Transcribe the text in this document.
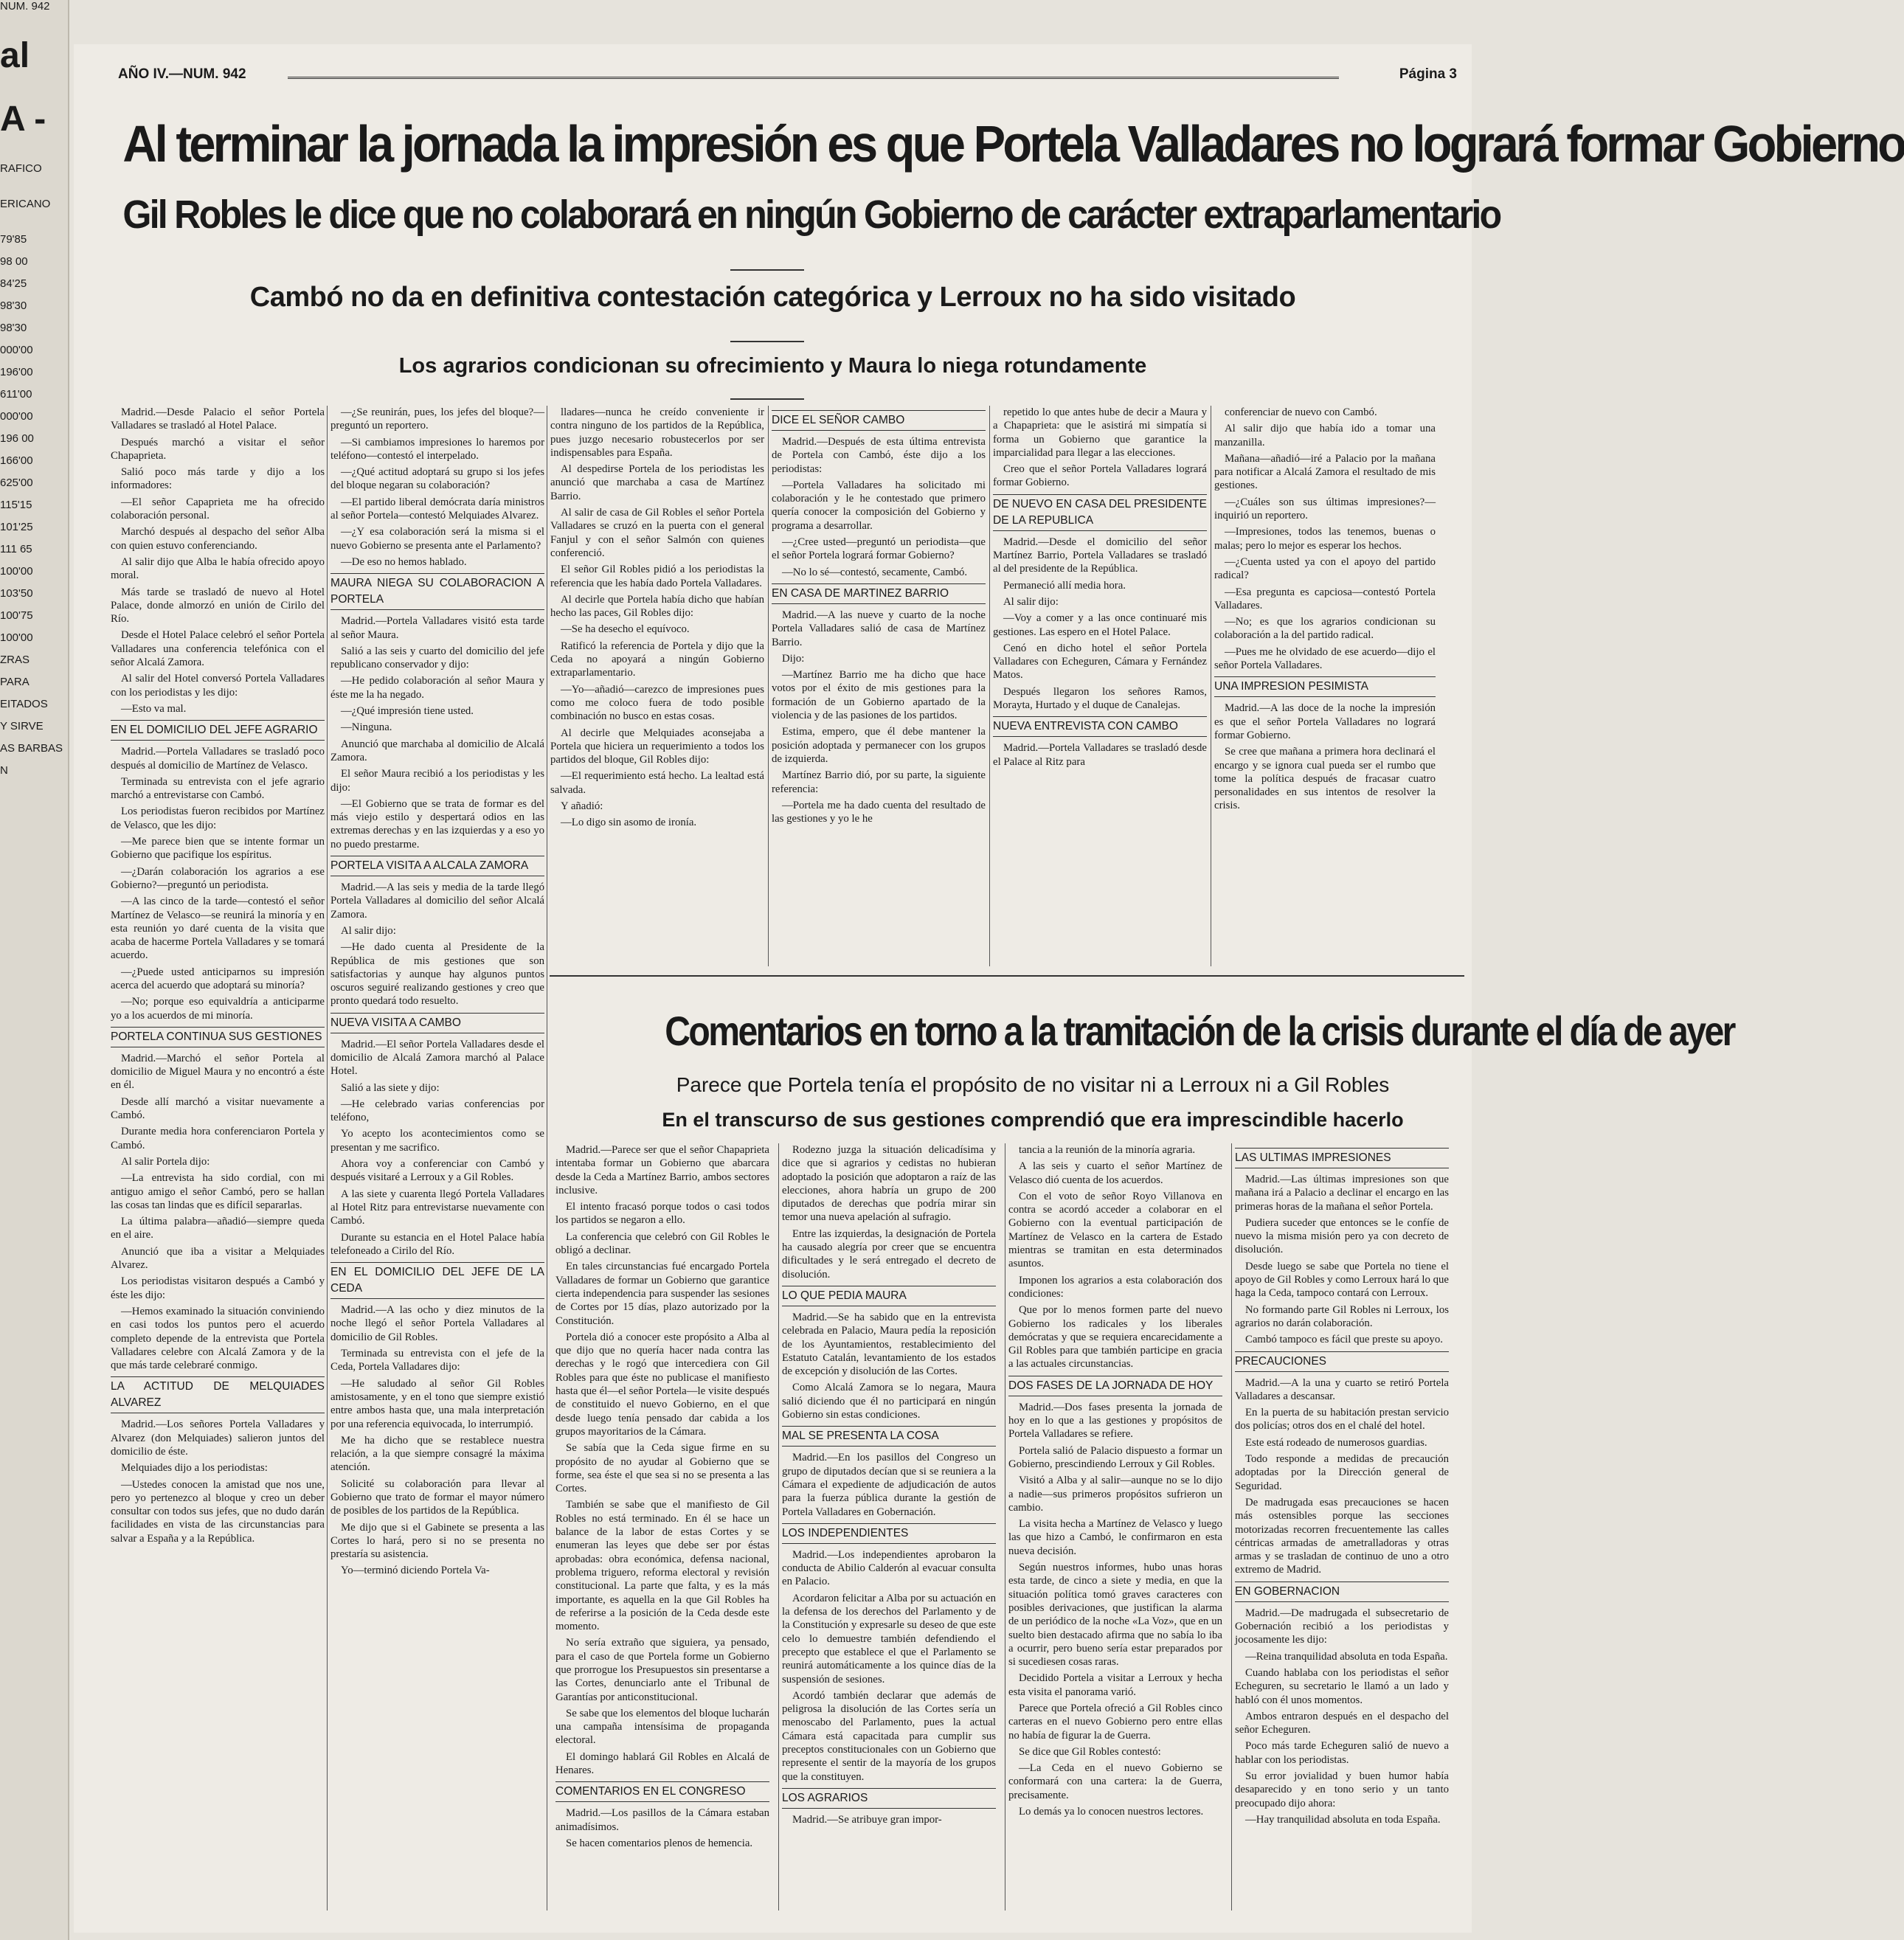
NUM. 942
al
A -
RAFICO
ERICANO
79'85
98 00
84'25
98'30
98'30
000'00
196'00
611'00
000'00
196 00
166'00
625'00
115'15
101'25
111 65
100'00
103'50
100'75
100'00
ZRAS
PARA
EITADOS
Y SIRVE
AS BARBAS
N
AÑO IV.—NUM. 942	Página 3
Al terminar la jornada la impresión es que Portela Valladares no logrará formar Gobierno
Gil Robles le dice que no colaborará en ningún Gobierno de carácter extraparlamentario
Cambó no da en definitiva contestación categórica y Lerroux no ha sido visitado
Los agrarios condicionan su ofrecimiento y Maura lo niega rotundamente

lladares—nunca he creído conveniente ir contra ninguno de los partidos de la República, pues juzgo necesario robustecerlos por ser indispensables para España.

Al despedirse Portela de los periodistas les anunció que marchaba a casa de Martínez Barrio.

Al salir de casa de Gil Robles el señor Portela Valladares se cruzó en la puerta con el general Fanjul y con el señor Salmón con quienes conferenció.

El señor Gil Robles pidió a los periodistas la referencia que les había dado Portela Valladares.

Al decirle que Portela había dicho que habían hecho las paces, Gil Robles dijo:

—Se ha desecho el equívoco.

Ratificó la referencia de Portela y dijo que la Ceda no apoyará a ningún Gobierno extraparlamentario.

—Yo—añadió—carezco de impresiones pues como me coloco fuera de todo posible combinación no busco en estas cosas.

Al decirle que Melquiades aconsejaba a Portela que hiciera un requerimiento a todos los partidos del bloque, Gil Robles dijo:

—El requerimiento está hecho. La lealtad está salvada.

Y añadió:

—Lo digo sin asomo de ironía.

DICE EL SEÑOR CAMBO

Madrid.—Después de esta última entrevista de Portela con Cambó, éste dijo a los periodistas:

—Portela Valladares ha solicitado mi colaboración y le he contestado que primero quería conocer la composición del Gobierno y programa a desarrollar.

—¿Cree usted—preguntó un periodista—que el señor Portela logrará formar Gobierno?

—No lo sé—contestó, secamente, Cambó.

EN CASA DE MARTINEZ BARRIO

Madrid.—A las nueve y cuarto de la noche Portela Valladares salió de casa de Martínez Barrio.

Dijo:

—Martínez Barrio me ha dicho que hace votos por el éxito de mis gestiones para la formación de un Gobierno apartado de la violencia y de las pasiones de los partidos.

Estima, empero, que él debe mantener la posición adoptada y permanecer con los grupos de izquierda.

Martínez Barrio dió, por su parte, la siguiente referencia:

—Portela me ha dado cuenta del resultado de las gestiones y yo le he

repetido lo que antes hube de decir a Maura y a Chapaprieta: que le asistirá mi simpatía si forma un Gobierno que garantice la imparcialidad para llegar a las elecciones.

Creo que el señor Portela Valladares logrará formar Gobierno.

DE NUEVO EN CASA DEL PRESIDENTE DE LA REPUBLICA

Madrid.—Desde el domicilio del señor Martínez Barrio, Portela Valladares se trasladó al del presidente de la República.

Permaneció allí media hora.

Al salir dijo:

—Voy a comer y a las once continuaré mis gestiones. Las espero en el Hotel Palace.

Cenó en dicho hotel el señor Portela Valladares con Echeguren, Cámara y Fernández Matos.

Después llegaron los señores Ramos, Morayta, Hurtado y el duque de Canalejas.

NUEVA ENTREVISTA CON CAMBO

Madrid.—Portela Valladares se trasladó desde el Palace al Ritz para

conferenciar de nuevo con Cambó.

Al salir dijo que había ido a tomar una manzanilla.

Mañana—añadió—iré a Palacio por la mañana para notificar a Alcalá Zamora el resultado de mis gestiones.

—¿Cuáles son sus últimas impresiones?—inquirió un reportero.

—Impresiones, todos las tenemos, buenas o malas; pero lo mejor es esperar los hechos.

—¿Cuenta usted ya con el apoyo del partido radical?

—Esa pregunta es capciosa—contestó Portela Valladares.

—No; es que los agrarios condicionan su colaboración a la del partido radical.

—Pues me he olvidado de ese acuerdo—dijo el señor Portela Valladares.

UNA IMPRESION PESIMISTA

Madrid.—A las doce de la noche la impresión es que el señor Portela Valladares no logrará formar Gobierno.

Se cree que mañana a primera hora declinará el encargo y se ignora cual pueda ser el rumbo que tome la política después de fracasar cuatro personalidades en sus intentos de resolver la crisis.

Madrid.—Desde Palacio el señor Portela Valladares se trasladó al Hotel Palace.

Después marchó a visitar el señor Chapaprieta.

Salió poco más tarde y dijo a los informadores:

—El señor Capaprieta me ha ofrecido colaboración personal.

Marchó después al despacho del señor Alba con quien estuvo conferenciando.

Al salir dijo que Alba le había ofrecido apoyo moral.

Más tarde se trasladó de nuevo al Hotel Palace, donde almorzó en unión de Cirilo del Río.

Desde el Hotel Palace celebró el señor Portela Valladares una conferencia telefónica con el señor Alcalá Zamora.

Al salir del Hotel conversó Portela Valladares con los periodistas y les dijo:

—Esto va mal.

EN EL DOMICILIO DEL JEFE AGRARIO

Madrid.—Portela Valladares se trasladó poco después al domicilio de Martínez de Velasco.

Terminada su entrevista con el jefe agrario marchó a entrevistarse con Cambó.

Los periodistas fueron recibidos por Martínez de Velasco, que les dijo:

—Me parece bien que se intente formar un Gobierno que pacifique los espíritus.

—¿Darán colaboración los agrarios a ese Gobierno?—preguntó un periodista.

—A las cinco de la tarde—contestó el señor Martínez de Velasco—se reunirá la minoría y en esta reunión yo daré cuenta de la visita que acaba de hacerme Portela Valladares y se tomará acuerdo.

—¿Puede usted anticiparnos su impresión acerca del acuerdo que adoptará su minoría?

—No; porque eso equivaldría a anticiparme yo a los acuerdos de mi minoría.

PORTELA CONTINUA SUS GESTIONES

Madrid.—Marchó el señor Portela al domicilio de Miguel Maura y no encontró a éste en él.

Desde allí marchó a visitar nuevamente a Cambó.

Durante media hora conferenciaron Portela y Cambó.

Al salir Portela dijo:

—La entrevista ha sido cordial, con mi antiguo amigo el señor Cambó, pero se hallan las cosas tan lindas que es difícil separarlas.

La última palabra—añadió—siempre queda en el aire.

Anunció que iba a visitar a Melquiades Alvarez.

Los periodistas visitaron después a Cambó y éste les dijo:

—Hemos examinado la situación conviniendo en casi todos los puntos pero el acuerdo completo depende de la entrevista que Portela Valladares celebre con Alcalá Zamora y de la que más tarde celebraré conmigo.

LA ACTITUD DE MELQUIADES ALVAREZ

Madrid.—Los señores Portela Valladares y Alvarez (don Melquiades) salieron juntos del domicilio de éste.

Melquiades dijo a los periodistas:

—Ustedes conocen la amistad que nos une, pero yo pertenezco al bloque y creo un deber consultar con todos sus jefes, que no dudo darán facilidades en vista de las circunstancias para salvar a España y a la República.

—¿Se reunirán, pues, los jefes del bloque?—preguntó un reportero.

—Si cambiamos impresiones lo haremos por teléfono—contestó el interpelado.

—¿Qué actitud adoptará su grupo si los jefes del bloque negaran su colaboración?

—El partido liberal demócrata daría ministros al señor Portela—contestó Melquiades Alvarez.

—¿Y esa colaboración será la misma si el nuevo Gobierno se presenta ante el Parlamento?

—De eso no hemos hablado.

MAURA NIEGA SU COLABORACION A PORTELA

Madrid.—Portela Valladares visitó esta tarde al señor Maura.

Salió a las seis y cuarto del domicilio del jefe republicano conservador y dijo:

—He pedido colaboración al señor Maura y éste me la ha negado.

—¿Qué impresión tiene usted.

—Ninguna.

Anunció que marchaba al domicilio de Alcalá Zamora.

El señor Maura recibió a los periodistas y les dijo:

—El Gobierno que se trata de formar es del más viejo estilo y despertará odios en las extremas derechas y en las izquierdas y a eso yo no puedo prestarme.

PORTELA VISITA A ALCALA ZAMORA

Madrid.—A las seis y media de la tarde llegó Portela Valladares al domicilio del señor Alcalá Zamora.

Al salir dijo:

—He dado cuenta al Presidente de la República de mis gestiones que son satisfactorias y aunque hay algunos puntos oscuros seguiré realizando gestiones y creo que pronto quedará todo resuelto.

NUEVA VISITA A CAMBO

Madrid.—El señor Portela Valladares desde el domicilio de Alcalá Zamora marchó al Palace Hotel.

Salió a las siete y dijo:

—He celebrado varias conferencias por teléfono,

Yo acepto los acontecimientos como se presentan y me sacrifico.

Ahora voy a conferenciar con Cambó y después visitaré a Lerroux y a Gil Robles.

A las siete y cuarenta llegó Portela Valladares al Hotel Ritz para entrevistarse nuevamente con Cambó.

Durante su estancia en el Hotel Palace había telefoneado a Cirilo del Río.

EN EL DOMICILIO DEL JEFE DE LA CEDA

Madrid.—A las ocho y diez minutos de la noche llegó el señor Portela Valladares al domicilio de Gil Robles.

Terminada su entrevista con el jefe de la Ceda, Portela Valladares dijo:

—He saludado al señor Gil Robles amistosamente, y en el tono que siempre existió entre ambos hasta que, una mala interpretación por una referencia equivocada, lo interrumpió.

Me ha dicho que se restablece nuestra relación, a la que siempre consagré la máxima atención.

Solicité su colaboración para llevar al Gobierno que trato de formar el mayor número de posibles de los partidos de la República.

Me dijo que si el Gabinete se presenta a las Cortes lo hará, pero si no se presenta no prestaría su asistencia.

Yo—terminó diciendo Portela Va-

Comentarios en torno a la tramitación de la crisis durante el día de ayer
Parece que Portela tenía el propósito de no visitar ni a Lerroux ni a Gil Robles
En el transcurso de sus gestiones comprendió que era imprescindible hacerlo

Madrid.—Parece ser que el señor Chapaprieta intentaba formar un Gobierno que abarcara desde la Ceda a Martínez Barrio, ambos sectores inclusive.

El intento fracasó porque todos o casi todos los partidos se negaron a ello.

La conferencia que celebró con Gil Robles le obligó a declinar.

En tales circunstancias fué encargado Portela Valladares de formar un Gobierno que garantice cierta independencia para suspender las sesiones de Cortes por 15 días, plazo autorizado por la Constitución.

Portela dió a conocer este propósito a Alba al que dijo que no quería hacer nada contra las derechas y le rogó que intercediera con Gil Robles para que éste no publicase el manifiesto hasta que él—el señor Portela—le visite después de constituido el nuevo Gobierno, en el que desde luego tenía pensado dar cabida a los grupos mayoritarios de la Cámara.

Se sabía que la Ceda sigue firme en su propósito de no ayudar al Gobierno que se forme, sea éste el que sea si no se presenta a las Cortes.

También se sabe que el manifiesto de Gil Robles no está terminado. En él se hace un balance de la labor de estas Cortes y se enumeran las leyes que debe ser por éstas aprobadas: obra económica, defensa nacional, problema triguero, reforma electoral y revisión constitucional. La parte que falta, y es la más importante, es aquella en la que Gil Robles ha de referirse a la posición de la Ceda desde este momento.

No sería extraño que siguiera, ya pensado, para el caso de que Portela forme un Gobierno que prorrogue los Presupuestos sin presentarse a las Cortes, denunciarlo ante el Tribunal de Garantías por anticonstitucional.

Se sabe que los elementos del bloque lucharán una campaña intensísima de propaganda electoral.

El domingo hablará Gil Robles en Alcalá de Henares.

COMENTARIOS EN EL CONGRESO

Madrid.—Los pasillos de la Cámara estaban animadísimos.

Se hacen comentarios plenos de hemencia.

Rodezno juzga la situación delicadísima y dice que si agrarios y cedistas no hubieran adoptado la posición que adoptaron a raíz de las elecciones, ahora habría un grupo de 200 diputados de derechas que podría mirar sin temor una nueva apelación al sufragio.

Entre las izquierdas, la designación de Portela ha causado alegría por creer que se encuentra dificultades y le será entregado el decreto de disolución.

LO QUE PEDIA MAURA

Madrid.—Se ha sabido que en la entrevista celebrada en Palacio, Maura pedía la reposición de los Ayuntamientos, restablecimiento del Estatuto Catalán, levantamiento de los estados de excepción y disolución de las Cortes.

Como Alcalá Zamora se lo negara, Maura salió diciendo que él no participará en ningún Gobierno sin estas condiciones.

MAL SE PRESENTA LA COSA

Madrid.—En los pasillos del Congreso un grupo de diputados decían que si se reuniera a la Cámara el expediente de adjudicación de autos para la fuerza pública durante la gestión de Portela Valladares en Gobernación.

LOS INDEPENDIENTES

Madrid.—Los independientes aprobaron la conducta de Abilio Calderón al evacuar consulta en Palacio.

Acordaron felicitar a Alba por su actuación en la defensa de los derechos del Parlamento y de la Constitución y expresarle su deseo de que este celo lo demuestre también defendiendo el precepto que establece el que el Parlamento se reunirá automáticamente a los quince días de la suspensión de sesiones.

Acordó también declarar que además de peligrosa la disolución de las Cortes sería un menoscabo del Parlamento, pues la actual Cámara está capacitada para cumplir sus preceptos constitucionales con un Gobierno que represente el sentir de la mayoría de los grupos que la constituyen.

LOS AGRARIOS

Madrid.—Se atribuye gran impor-

tancia a la reunión de la minoría agraria.

A las seis y cuarto el señor Martínez de Velasco dió cuenta de los acuerdos.

Con el voto de señor Royo Villanova en contra se acordó acceder a colaborar en el Gobierno con la eventual participación de Martínez de Velasco en la cartera de Estado mientras se tramitan en esta determinados asuntos.

Imponen los agrarios a esta colaboración dos condiciones:

Que por lo menos formen parte del nuevo Gobierno los radicales y los liberales demócratas y que se requiera encarecidamente a Gil Robles para que también participe en gracia a las actuales circunstancias.

DOS FASES DE LA JORNADA DE HOY

Madrid.—Dos fases presenta la jornada de hoy en lo que a las gestiones y propósitos de Portela Valladares se refiere.

Portela salió de Palacio dispuesto a formar un Gobierno, prescindiendo Lerroux y Gil Robles.

Visitó a Alba y al salir—aunque no se lo dijo a nadie—sus primeros propósitos sufrieron un cambio.

La visita hecha a Martínez de Velasco y luego las que hizo a Cambó, le confirmaron en esta nueva decisión.

Según nuestros informes, hubo unas horas esta tarde, de cinco a siete y media, en que la situación política tomó graves caracteres con posibles derivaciones, que justifican la alarma de un periódico de la noche «La Voz», que en un suelto bien destacado afirma que no sabía lo iba a ocurrir, pero bueno sería estar preparados por si sucediesen cosas raras.

Decidido Portela a visitar a Lerroux y hecha esta visita el panorama varió.

Parece que Portela ofreció a Gil Robles cinco carteras en el nuevo Gobierno pero entre ellas no había de figurar la de Guerra.

Se dice que Gil Robles contestó:

—La Ceda en el nuevo Gobierno se conformará con una cartera: la de Guerra, precisamente.

Lo demás ya lo conocen nuestros lectores.

LAS ULTIMAS IMPRESIONES

Madrid.—Las últimas impresiones son que mañana irá a Palacio a declinar el encargo en las primeras horas de la mañana el señor Portela.

Pudiera suceder que entonces se le confíe de nuevo la misma misión pero ya con decreto de disolución.

Desde luego se sabe que Portela no tiene el apoyo de Gil Robles y como Lerroux hará lo que haga la Ceda, tampoco contará con Lerroux.

No formando parte Gil Robles ni Lerroux, los agrarios no darán colaboración.

Cambó tampoco es fácil que preste su apoyo.

PRECAUCIONES

Madrid.—A la una y cuarto se retiró Portela Valladares a descansar.

En la puerta de su habitación prestan servicio dos policías; otros dos en el chalé del hotel.

Este está rodeado de numerosos guardias.

Todo responde a medidas de precaución adoptadas por la Dirección general de Seguridad.

De madrugada esas precauciones se hacen más ostensibles porque las secciones motorizadas recorren frecuentemente las calles céntricas armadas de ametralladoras y otras armas y se trasladan de continuo de uno a otro extremo de Madrid.

EN GOBERNACION

Madrid.—De madrugada el subsecretario de Gobernación recibió a los periodistas y jocosamente les dijo:

—Reina tranquilidad absoluta en toda España.

Cuando hablaba con los periodistas el señor Echeguren, su secretario le llamó a un lado y habló con él unos momentos.

Ambos entraron después en el despacho del señor Echeguren.

Poco más tarde Echeguren salió de nuevo a hablar con los periodistas.

Su error jovialidad y buen humor había desaparecido y en tono serio y un tanto preocupado dijo ahora:

—Hay tranquilidad absoluta en toda España.
